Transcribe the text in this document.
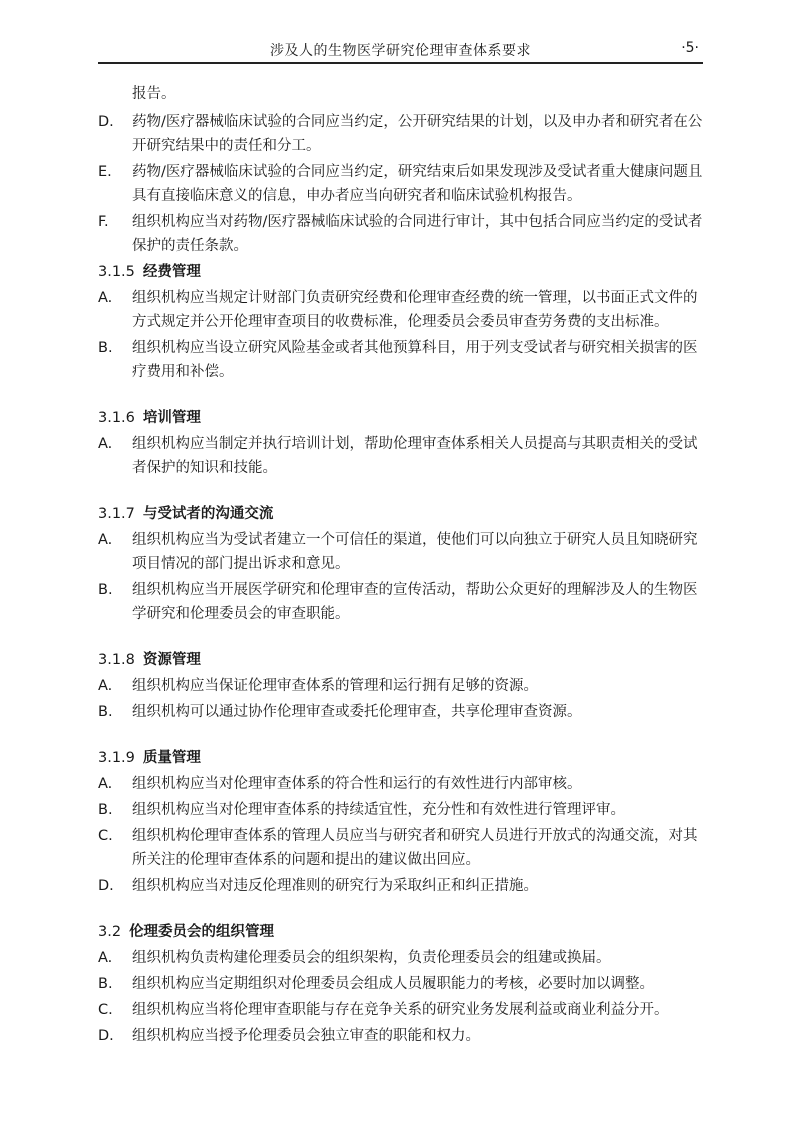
涉及人的生物医学研究伦理审查体系要求	·5·
报告。
D.	药物/医疗器械临床试验的合同应当约定，公开研究结果的计划，以及申办者和研究者在公开研究结果中的责任和分工。
E.	药物/医疗器械临床试验的合同应当约定，研究结束后如果发现涉及受试者重大健康问题且具有直接临床意义的信息，申办者应当向研究者和临床试验机构报告。
F.	组织机构应当对药物/医疗器械临床试验的合同进行审计，其中包括合同应当约定的受试者保护的责任条款。
3.1.5 经费管理
A.	组织机构应当规定计财部门负责研究经费和伦理审查经费的统一管理，以书面正式文件的方式规定并公开伦理审查项目的收费标准，伦理委员会委员审查劳务费的支出标准。
B.	组织机构应当设立研究风险基金或者其他预算科目，用于列支受试者与研究相关损害的医疗费用和补偿。
3.1.6 培训管理
A.	组织机构应当制定并执行培训计划，帮助伦理审查体系相关人员提高与其职责相关的受试者保护的知识和技能。
3.1.7 与受试者的沟通交流
A.	组织机构应当为受试者建立一个可信任的渠道，使他们可以向独立于研究人员且知晓研究项目情况的部门提出诉求和意见。
B.	组织机构应当开展医学研究和伦理审查的宣传活动，帮助公众更好的理解涉及人的生物医学研究和伦理委员会的审查职能。
3.1.8 资源管理
A.	组织机构应当保证伦理审查体系的管理和运行拥有足够的资源。
B.	组织机构可以通过协作伦理审查或委托伦理审查，共享伦理审查资源。
3.1.9 质量管理
A.	组织机构应当对伦理审查体系的符合性和运行的有效性进行内部审核。
B.	组织机构应当对伦理审查体系的持续适宜性，充分性和有效性进行管理评审。
C.	组织机构伦理审查体系的管理人员应当与研究者和研究人员进行开放式的沟通交流，对其所关注的伦理审查体系的问题和提出的建议做出回应。
D.	组织机构应当对违反伦理准则的研究行为采取纠正和纠正措施。
3.2 伦理委员会的组织管理
A.	组织机构负责构建伦理委员会的组织架构，负责伦理委员会的组建或换届。
B.	组织机构应当定期组织对伦理委员会组成人员履职能力的考核，必要时加以调整。
C.	组织机构应当将伦理审查职能与存在竞争关系的研究业务发展利益或商业利益分开。
D.	组织机构应当授予伦理委员会独立审查的职能和权力。
